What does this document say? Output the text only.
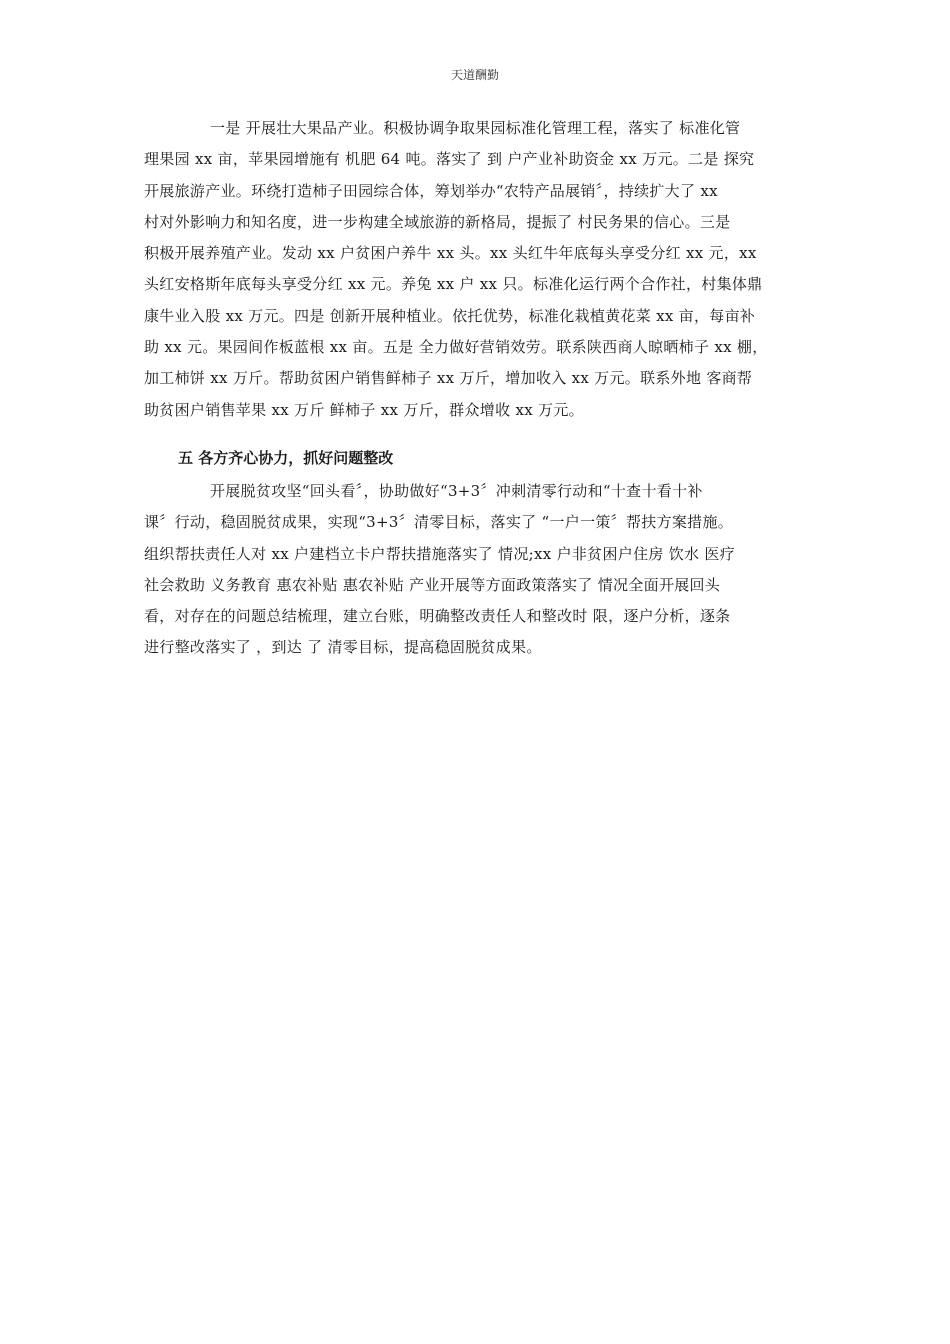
天道酬勤
一是 开展壮大果品产业。积极协调争取果园标准化管理工程，落实了 标准化管
理果园 xx 亩，苹果园增施有 机肥 64 吨。落实了 到 户产业补助资金 xx 万元。二是 探究
开展旅游产业。环绕打造柿子田园综合体，筹划举办“农特产品展销〞，持续扩大了 xx
村对外影响力和知名度，进一步构建全域旅游的新格局，提振了 村民务果的信心。三是
积极开展养殖产业。发动 xx 户贫困户养牛 xx 头。xx 头红牛年底每头享受分红 xx 元，xx
头红安格斯年底每头享受分红 xx 元。养兔 xx 户 xx 只。标准化运行两个合作社，村集体鼎
康牛业入股 xx 万元。四是 创新开展种植业。依托优势，标准化栽植黄花菜 xx 亩，每亩补
助 xx 元。果园间作板蓝根 xx 亩。五是 全力做好营销效劳。联系陕西商人晾晒柿子 xx 棚，
加工柿饼 xx 万斤。帮助贫困户销售鲜柿子 xx 万斤，增加收入 xx 万元。联系外地 客商帮
助贫困户销售苹果 xx 万斤 鲜柿子 xx 万斤，群众增收 xx 万元。
五 各方齐心协力，抓好问题整改
开展脱贫攻坚“回头看〞，协助做好“3+3〞冲刺清零行动和“十查十看十补
课〞行动，稳固脱贫成果，实现“3+3〞清零目标，落实了 “一户一策〞帮扶方案措施。
组织帮扶责任人对 xx 户建档立卡户帮扶措施落实了 情况;xx 户非贫困户住房 饮水 医疗
社会救助 义务教育 惠农补贴 惠农补贴 产业开展等方面政策落实了 情况全面开展回头
看，对存在的问题总结梳理，建立台账，明确整改责任人和整改时 限，逐户分析，逐条
进行整改落实了 ，到达 了 清零目标，提高稳固脱贫成果。
